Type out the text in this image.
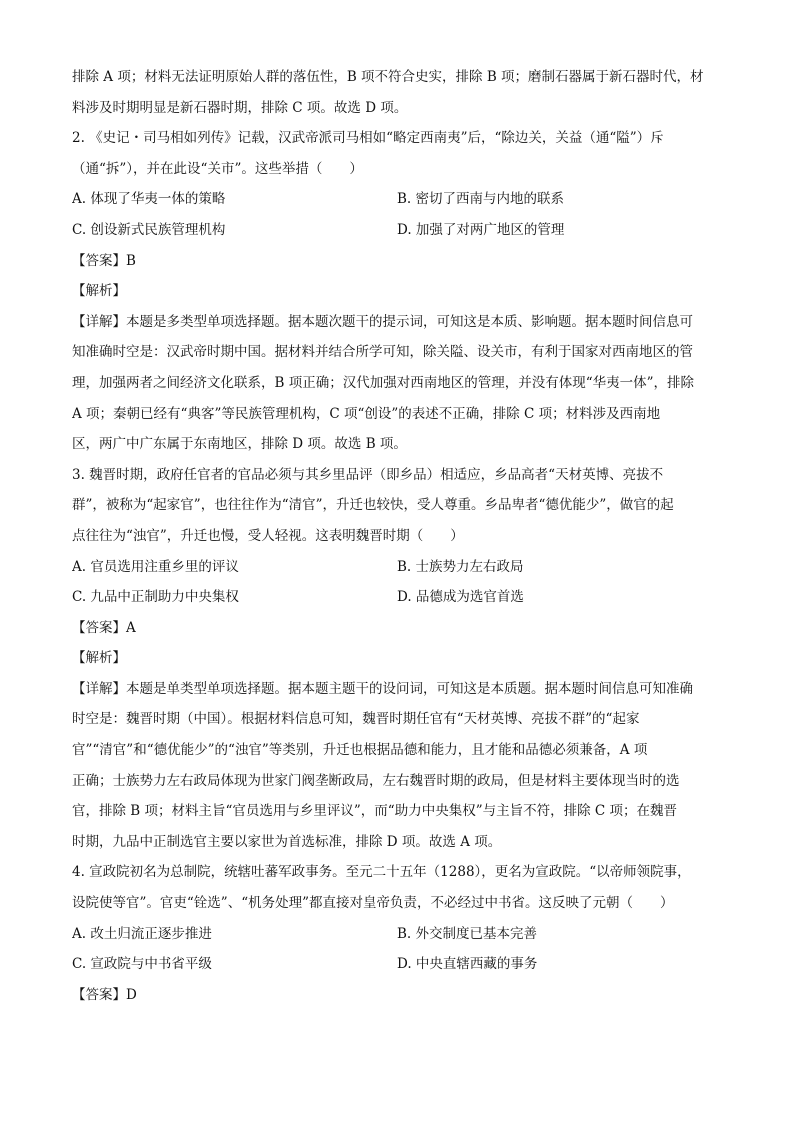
排除 A 项；材料无法证明原始人群的落伍性，B 项不符合史实，排除 B 项；磨制石器属于新石器时代，材
料涉及时期明显是新石器时期，排除 C 项。故选 D 项。
2. 《史记・司马相如列传》记载，汉武帝派司马相如“略定西南夷”后，“除边关，关益（通“隘”）斥
（通“拆”），并在此设“关市”。这些举措（　　）
A. 体现了华夷一体的策略	B. 密切了西南与内地的联系
C. 创设新式民族管理机构	D. 加强了对两广地区的管理
【答案】B
【解析】
【详解】本题是多类型单项选择题。据本题次题干的提示词，可知这是本质、影响题。据本题时间信息可
知准确时空是：汉武帝时期中国。据材料并结合所学可知，除关隘、设关市，有利于国家对西南地区的管
理，加强两者之间经济文化联系，B 项正确；汉代加强对西南地区的管理，并没有体现“华夷一体”，排除
A 项；秦朝已经有“典客”等民族管理机构，C 项“创设”的表述不正确，排除 C 项；材料涉及西南地
区，两广中广东属于东南地区，排除 D 项。故选 B 项。
3. 魏晋时期，政府任官者的官品必须与其乡里品评（即乡品）相适应，乡品高者“天材英博、亮拔不
群”，被称为“起家官”，也往往作为“清官”，升迁也较快，受人尊重。乡品卑者“德优能少”，做官的起
点往往为“浊官”，升迁也慢，受人轻视。这表明魏晋时期（　　）
A. 官员选用注重乡里的评议	B. 士族势力左右政局
C. 九品中正制助力中央集权	D. 品德成为选官首选
【答案】A
【解析】
【详解】本题是单类型单项选择题。据本题主题干的设问词，可知这是本质题。据本题时间信息可知准确
时空是：魏晋时期（中国）。根据材料信息可知，魏晋时期任官有“天材英博、亮拔不群”的“起家
官”“清官”和“德优能少”的“浊官”等类别，升迁也根据品德和能力，且才能和品德必须兼备，A 项
正确；士族势力左右政局体现为世家门阀垄断政局，左右魏晋时期的政局，但是材料主要体现当时的选
官，排除 B 项；材料主旨“官员选用与乡里评议”，而“助力中央集权”与主旨不符，排除 C 项；在魏晋
时期，九品中正制选官主要以家世为首选标准，排除 D 项。故选 A 项。
4. 宣政院初名为总制院，统辖吐蕃军政事务。至元二十五年（1288），更名为宣政院。“以帝师领院事，
设院使等官”。官吏“铨选”、“机务处理”都直接对皇帝负责，不必经过中书省。这反映了元朝（　　）
A. 改土归流正逐步推进	B. 外交制度已基本完善
C. 宣政院与中书省平级	D. 中央直辖西藏的事务
【答案】D
